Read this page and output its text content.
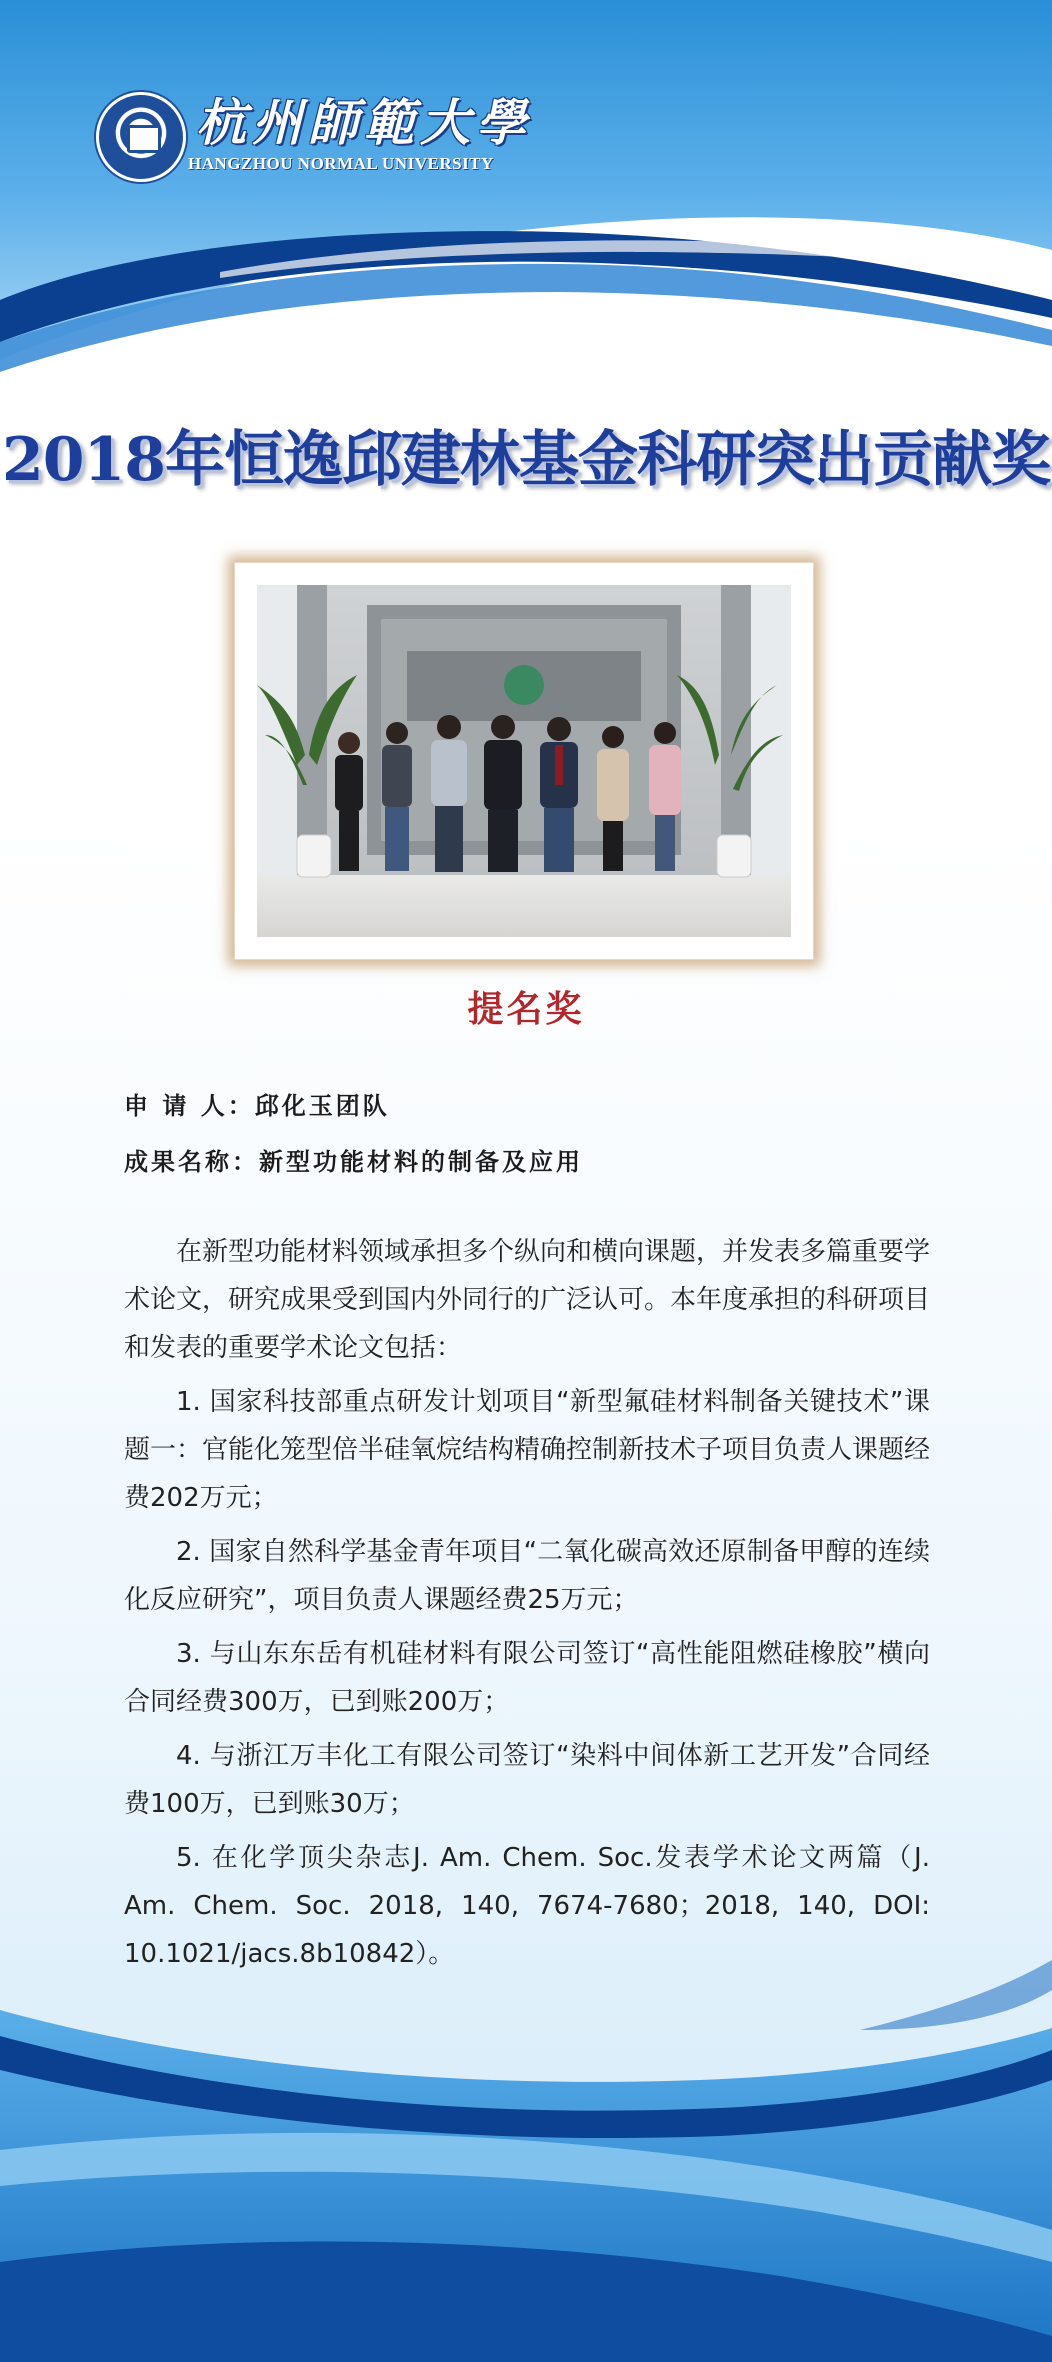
杭州師範大學
HANGZHOU NORMAL UNIVERSITY
2018年恒逸邱建林基金科研突出贡献奖
提名奖
申 请 人：邱化玉团队
成果名称：新型功能材料的制备及应用

在新型功能材料领域承担多个纵向和横向课题，并发表多篇重要学术论文，研究成果受到国内外同行的广泛认可。本年度承担的科研项目和发表的重要学术论文包括：

1. 国家科技部重点研发计划项目“新型氟硅材料制备关键技术”课题一：官能化笼型倍半硅氧烷结构精确控制新技术子项目负责人课题经费202万元；

2. 国家自然科学基金青年项目“二氧化碳高效还原制备甲醇的连续化反应研究”，项目负责人课题经费25万元；

3. 与山东东岳有机硅材料有限公司签订“高性能阻燃硅橡胶”横向合同经费300万，已到账200万；

4. 与浙江万丰化工有限公司签订“染料中间体新工艺开发”合同经费100万，已到账30万；

5. 在化学顶尖杂志J. Am. Chem. Soc.发表学术论文两篇（J. Am. Chem. Soc. 2018, 140, 7674-7680；2018, 140, DOI: 10.1021/jacs.8b10842）。
